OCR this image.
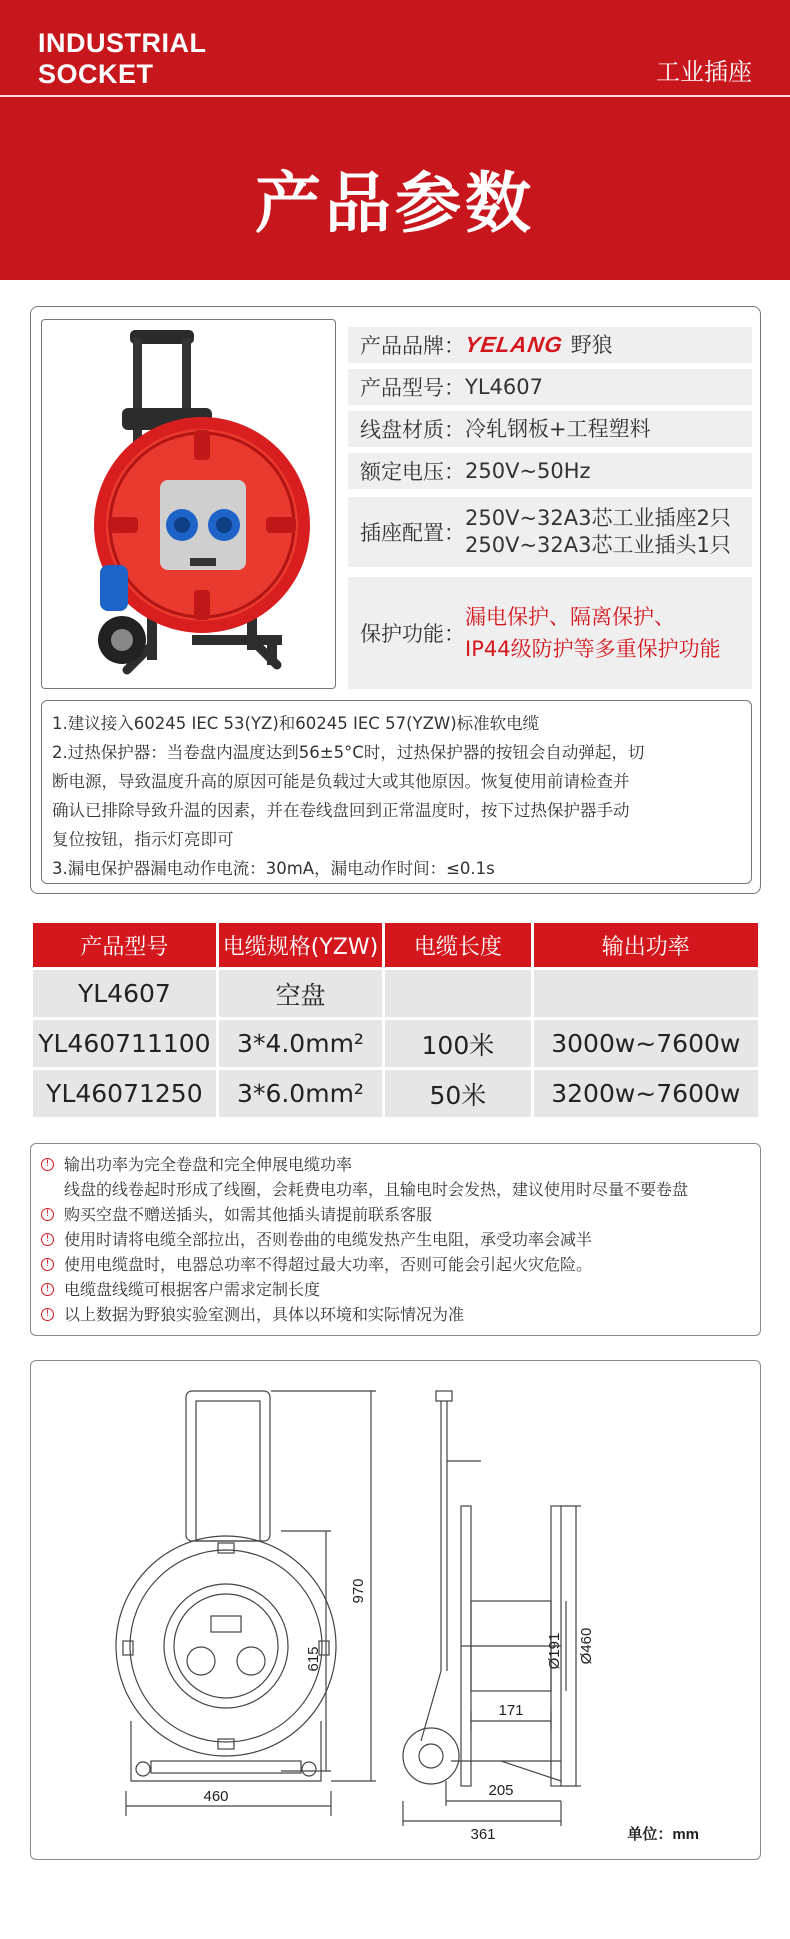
INDUSTRIAL
SOCKET	工业插座
产品参数
产品品牌：
YELANG 野狼
产品型号： YL4607
线盘材质： 冷轧钢板+工程塑料
额定电压： 250V~50Hz
插座配置：
250V~32A3芯工业插座2只
250V~32A3芯工业插头1只
保护功能：
漏电保护、隔离保护、
IP44级防护等多重保护功能
1.建议接入60245 IEC 53(YZ)和60245 IEC 57(YZW)标准软电缆
2.过热保护器：当卷盘内温度达到56±5°C时，过热保护器的按钮会自动弹起，切
断电源，导致温度升高的原因可能是负载过大或其他原因。恢复使用前请检查并
确认已排除导致升温的因素，并在卷线盘回到正常温度时，按下过热保护器手动
复位按钮，指示灯亮即可
3.漏电保护器漏电动作电流：30mA，漏电动作时间：≤0.1s
产品型号	电缆规格(YZW)	电缆长度	输出功率
YL4607	空盘		
YL460711100	3*4.0mm²	100米	3000w~7600w
YL46071250	3*6.0mm²	50米	3200w~7600w
! 输出功率为完全卷盘和完全伸展电缆功率
线盘的线卷起时形成了线圈，会耗费电功率，且输电时会发热，建议使用时尽量不要卷盘
! 购买空盘不赠送插头，如需其他插头请提前联系客服
! 使用时请将电缆全部拉出，否则卷曲的电缆发热产生电阻，承受功率会减半
! 使用电缆盘时，电器总功率不得超过最大功率，否则可能会引起火灾危险。
! 电缆盘线缆可根据客户需求定制长度
! 以上数据为野狼实验室测出，具体以环境和实际情况为准
460
615
970
Ø191 Ø460
171
205
361	单位：mm
